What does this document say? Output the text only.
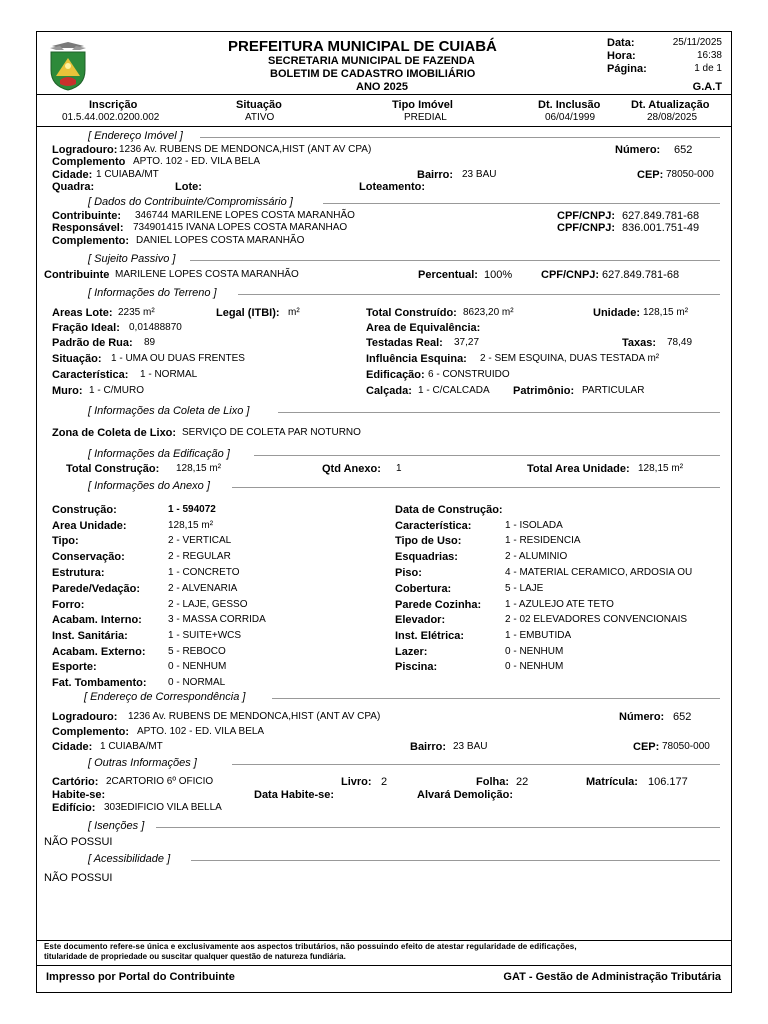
PREFEITURA MUNICIPAL DE CUIABÁ
SECRETARIA MUNICIPAL DE FAZENDA
BOLETIM DE CADASTRO IMOBILIÁRIO
ANO 2025
Data:	25/11/2025
Hora:	16:38
Página:	1 de 1
G.A.T
Inscrição
01.5.44.002.0200.002
Situação
ATIVO
Tipo Imóvel
PREDIAL
Dt. Inclusão
06/04/1999
Dt. Atualização
28/08/2025
[ Endereço Imóvel ]
Logradouro: 1236 Av. RUBENS DE MENDONCA,HIST (ANT AV CPA)	Número: 652
Complemento APTO. 102 - ED. VILA BELA
Cidade: 1 CUIABA/MT	Bairro: 23 BAU	CEP: 78050-000
Quadra:	Lote:	Loteamento:
[ Dados do Contribuinte/Compromissário ]
Contribuinte: 346744 MARILENE LOPES COSTA MARANHÃO	CPF/CNPJ: 627.849.781-68
Responsável: 734901415 IVANA LOPES COSTA MARANHAO	CPF/CNPJ: 836.001.751-49
Complemento: DANIEL LOPES COSTA MARANHÃO
[ Sujeito Passivo ]
Contribuinte MARILENE LOPES COSTA MARANHÃO	Percentual: 100%	CPF/CNPJ: 627.849.781-68
[ Informações do Terreno ]
Areas Lote: 2235 m²	Legal (ITBI): m²	Total Construído: 8623,20 m²	Unidade: 128,15 m²
Fração Ideal: 0,01488870	Area de Equivalência:
Padrão de Rua: 89	Testadas Real: 37,27	Taxas: 78,49
Situação: 1 - UMA OU DUAS FRENTES	Influência Esquina: 2 - SEM ESQUINA, DUAS TESTADA m²
Característica: 1 - NORMAL	Edificação: 6 - CONSTRUIDO
Muro: 1 - C/MURO	Calçada: 1 - C/CALCADA Patrimônio: PARTICULAR
[ Informações da Coleta de Lixo ]
Zona de Coleta de Lixo: SERVIÇO DE COLETA PAR NOTURNO
[ Informações da Edificação ]
Total Construção: 128,15 m²	Qtd Anexo: 1	Total Area Unidade: 128,15 m²
[ Informações do Anexo ]
Construção:	1 - 594072
Area Unidade:	128,15 m²
Tipo:	2 - VERTICAL
Conservação:	2 - REGULAR
Estrutura:	1 - CONCRETO
Parede/Vedação:	2 - ALVENARIA
Forro:	2 - LAJE, GESSO
Acabam. Interno:	3 - MASSA CORRIDA
Inst. Sanitária:	1 - SUITE+WCS
Acabam. Externo: 5 - REBOCO
Esporte:	0 - NENHUM
Fat. Tombamento: 0 - NORMAL
Data de Construção:
Característica:	1 - ISOLADA
Tipo de Uso:	1 - RESIDENCIA
Esquadrias:	2 - ALUMINIO
Piso:	4 - MATERIAL CERAMICO, ARDOSIA OU
Cobertura:	5 - LAJE
Parede Cozinha: 1 - AZULEJO ATÉ TETO
Elevador:	2 - 02 ELEVADORES CONVENCIONAIS
Inst. Elétrica:	1 - EMBUTIDA
Lazer:	0 - NENHUM
Piscina:	0 - NENHUM
[ Endereço de Correspondência ]
Logradouro: 1236 Av. RUBENS DE MENDONCA,HIST (ANT AV CPA)	Número: 652
Complemento: APTO. 102 - ED. VILA BELA
Cidade: 1 CUIABA/MT	Bairro: 23 BAU	CEP: 78050-000
[ Outras Informações ]
Cartório: 2CARTORIO 6º OFICIO	Livro: 2	Folha: 22	Matrícula: 106.177
Habite-se:	Data Habite-se:	Alvará Demolição:
Edifício: 303EDIFICIO VILA BELLA
[ Isenções ]
NÃO POSSUI
[ Acessibilidade ]
NÃO POSSUI
Este documento refere-se única e exclusivamente aos aspectos tributários, não possuindo efeito de atestar regularidade de edificações,
titularidade de propriedade ou suscitar qualquer questão de natureza fundiária.
Impresso por Portal do Contribuinte	GAT - Gestão de Administração Tributária
